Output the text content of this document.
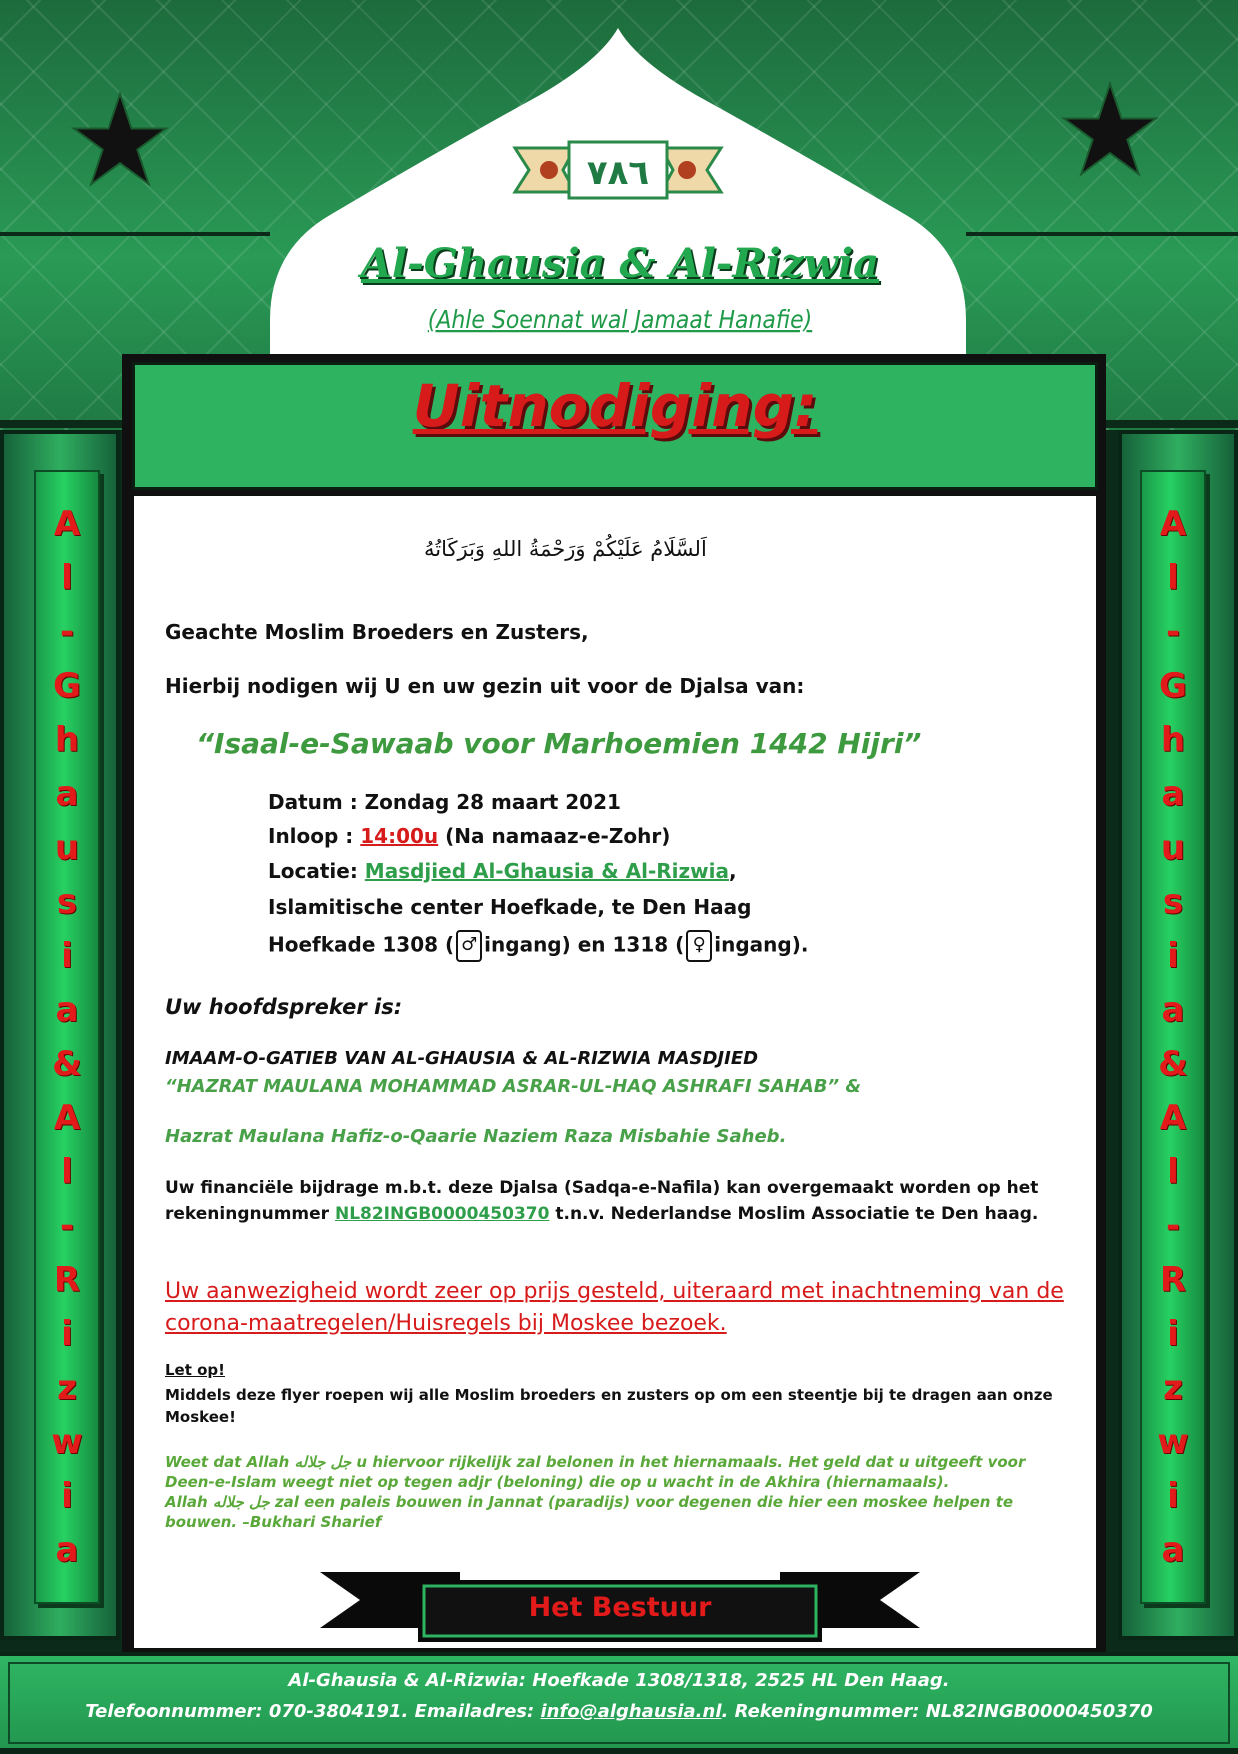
٧٨٦
Al-Ghausia & Al-Rizwia
(Ahle Soennat wal Jamaat Hanafie)
A
l
-
G
h
a
u
s
i
a
&
A
l
-
R
i
z
w
i
a
A
l
-
G
h
a
u
s
i
a
&
A
l
-
R
i
z
w
i
a
Uitnodiging:
اَلسَّلَامُ عَلَيْكُمْ وَرَحْمَةُ اللهِ وَبَرَكَاتُهُ
Geachte Moslim Broeders en Zusters,
Hierbij nodigen wij U en uw gezin uit voor de Djalsa van:
“Isaal-e-Sawaab voor Marhoemien 1442 Hijri”
Datum : Zondag 28 maart 2021
Inloop : 14:00u (Na namaaz-e-Zohr)
Locatie: Masdjied Al-Ghausia & Al-Rizwia,
Islamitische center Hoefkade, te Den Haag
Hoefkade 1308 ( ♂ ingang) en 1318 ( ♀ ingang).
Uw hoofdspreker is:
IMAAM-O-GATIEB VAN AL-GHAUSIA & AL-RIZWIA MASDJIED
“HAZRAT MAULANA MOHAMMAD ASRAR-UL-HAQ ASHRAFI SAHAB” &
Hazrat Maulana Hafiz-o-Qaarie Naziem Raza Misbahie Saheb.
Uw financiële bijdrage m.b.t. deze Djalsa (Sadqa-e-Nafila) kan overgemaakt worden op het rekeningnummer NL82INGB0000450370 t.n.v. Nederlandse Moslim Associatie te Den haag.
Uw aanwezigheid wordt zeer op prijs gesteld, uiteraard met inachtneming van de corona-maatregelen/Huisregels bij Moskee bezoek.
Let op!
Middels deze flyer roepen wij alle Moslim broeders en zusters op om een steentje bij te dragen aan onze Moskee!
Weet dat Allah جل جلاله u hiervoor rijkelijk zal belonen in het hiernamaals. Het geld dat u uitgeeft voor Deen-e-Islam weegt niet op tegen adjr (beloning) die op u wacht in de Akhira (hiernamaals).
Allah جل جلاله zal een paleis bouwen in Jannat (paradijs) voor degenen die hier een moskee helpen te bouwen. –Bukhari Sharief
Het Bestuur
Al-Ghausia & Al-Rizwia: Hoefkade 1308/1318, 2525 HL Den Haag.
Telefoonnummer: 070-3804191. Emailadres: info@alghausia.nl. Rekeningnummer: NL82INGB0000450370
